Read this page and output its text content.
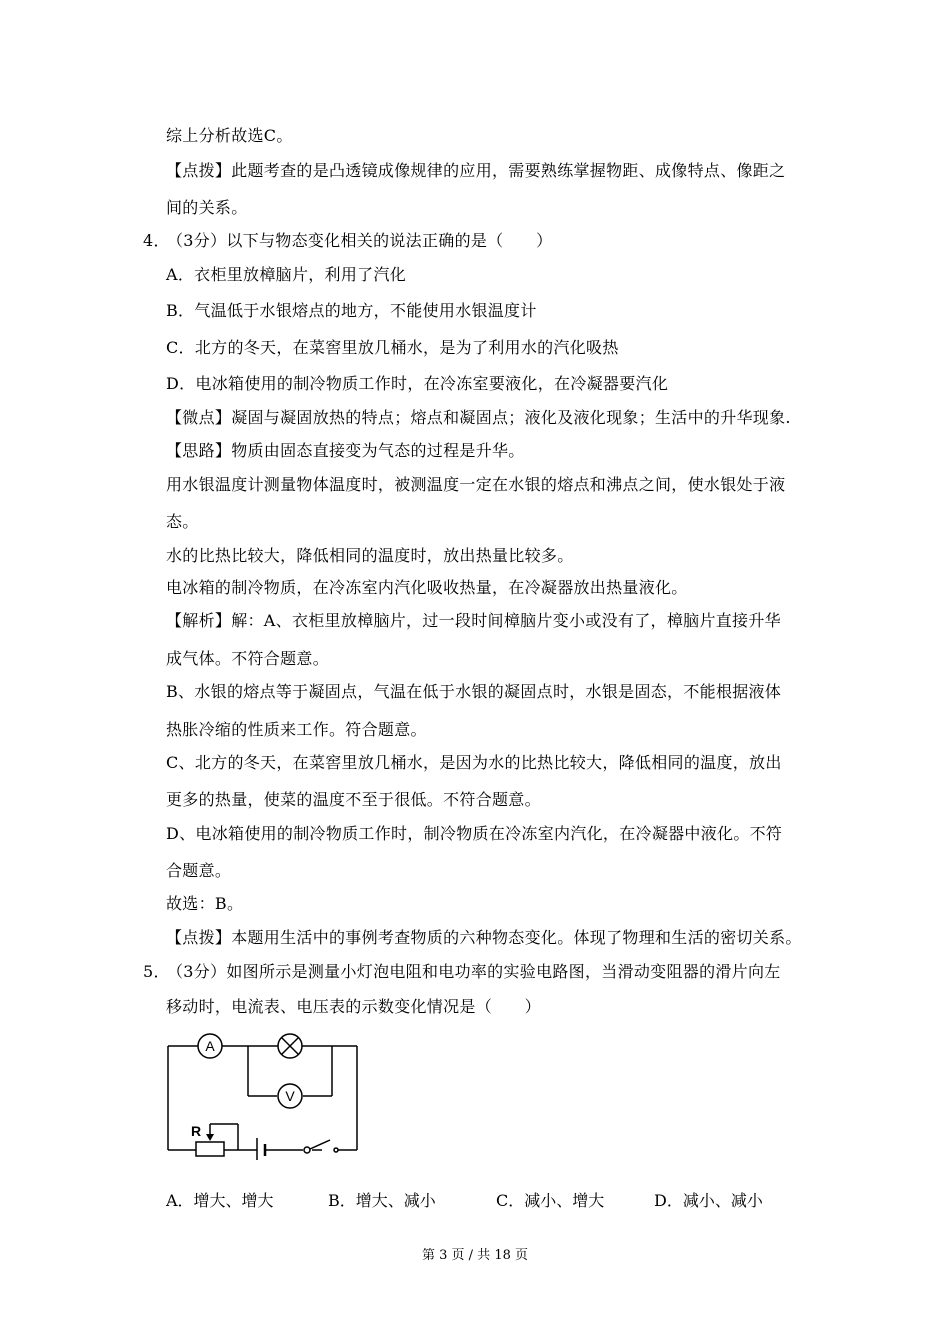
综上分析故选C。
【点拨】此题考查的是凸透镜成像规律的应用，需要熟练掌握物距、成像特点、像距之
间的关系。
4．（3分）以下与物态变化相关的说法正确的是（　　）
A．衣柜里放樟脑片，利用了汽化
B．气温低于水银熔点的地方，不能使用水银温度计
C．北方的冬天，在菜窖里放几桶水，是为了利用水的汽化吸热
D．电冰箱使用的制冷物质工作时，在冷冻室要液化，在冷凝器要汽化
【微点】凝固与凝固放热的特点；熔点和凝固点；液化及液化现象；生活中的升华现象.
【思路】物质由固态直接变为气态的过程是升华。
用水银温度计测量物体温度时，被测温度一定在水银的熔点和沸点之间，使水银处于液
态。
水的比热比较大，降低相同的温度时，放出热量比较多。
电冰箱的制冷物质，在冷冻室内汽化吸收热量，在冷凝器放出热量液化。
【解析】解：A、衣柜里放樟脑片，过一段时间樟脑片变小或没有了，樟脑片直接升华
成气体。不符合题意。
B、水银的熔点等于凝固点，气温在低于水银的凝固点时，水银是固态，不能根据液体
热胀冷缩的性质来工作。符合题意。
C、北方的冬天，在菜窖里放几桶水，是因为水的比热比较大，降低相同的温度，放出
更多的热量，使菜的温度不至于很低。不符合题意。
D、电冰箱使用的制冷物质工作时，制冷物质在冷冻室内汽化，在冷凝器中液化。不符
合题意。
故选：B。
【点拨】本题用生活中的事例考查物质的六种物态变化。体现了物理和生活的密切关系。
5．（3分）如图所示是测量小灯泡电阻和电功率的实验电路图，当滑动变阻器的滑片向左
移动时，电流表、电压表的示数变化情况是（　　）
A
V
R
A．增大、增大	B．增大、减小	C．减小、增大	D．减小、减小
第 3 页 / 共 18 页
